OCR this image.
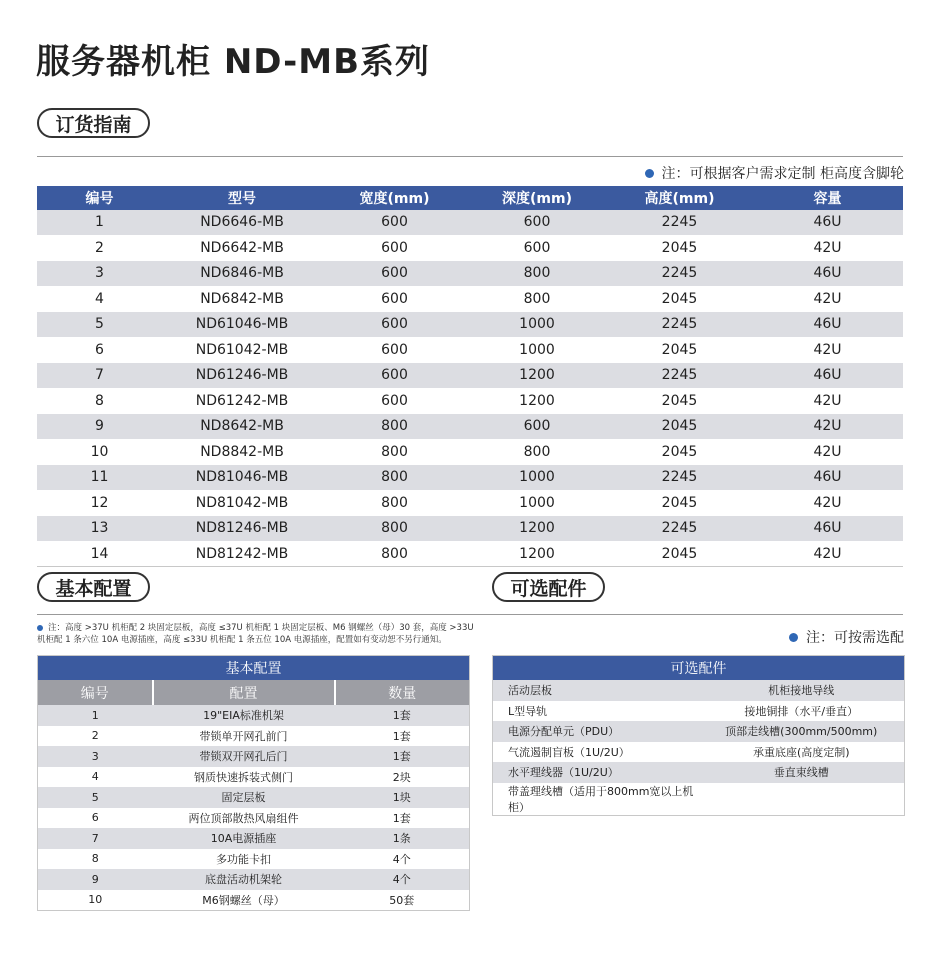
服务器机柜 ND-MB系列
订货指南
注：可根据客户需求定制 柜高度含脚轮
编号	型号	宽度(mm)	深度(mm)	高度(mm)	容量
1	ND6646-MB	600	600	2245	46U
2	ND6642-MB	600	600	2045	42U
3	ND6846-MB	600	800	2245	46U
4	ND6842-MB	600	800	2045	42U
5	ND61046-MB	600	1000	2245	46U
6	ND61042-MB	600	1000	2045	42U
7	ND61246-MB	600	1200	2245	46U
8	ND61242-MB	600	1200	2045	42U
9	ND8642-MB	800	600	2045	42U
10	ND8842-MB	800	800	2045	42U
11	ND81046-MB	800	1000	2245	46U
12	ND81042-MB	800	1000	2045	42U
13	ND81246-MB	800	1200	2245	46U
14	ND81242-MB	800	1200	2045	42U
基本配置	可选配件
注：高度 >37U 机柜配 2 块固定层板，高度 ≤37U 机柜配 1 块固定层板、M6 钢螺丝（母）30 套，高度 >33U 机柜配 1 条六位 10A 电源插座，高度 ≤33U 机柜配 1 条五位 10A 电源插座，配置如有变动恕不另行通知。	注：可按需选配
基本配置		
编号	配置	数量
1	19"EIA标准机架	1套
2	带锁单开网孔前门	1套
3	带锁双开网孔后门	1套
4	钢质快速拆装式侧门	2块
5	固定层板	1块
6	两位顶部散热风扇组件	1套
7	10A电源插座	1条
8	多功能卡扣	4个
9	底盘活动机架轮	4个
10	M6钢螺丝（母）	50套
可选配件	
活动层板	机柜接地导线
L型导轨	接地铜排（水平/垂直）
电源分配单元（PDU）	顶部走线槽(300mm/500mm)
气流遏制盲板（1U/2U）	承重底座(高度定制)
水平理线器（1U/2U）	垂直束线槽
带盖理线槽（适用于800mm宽以上机柜）	
